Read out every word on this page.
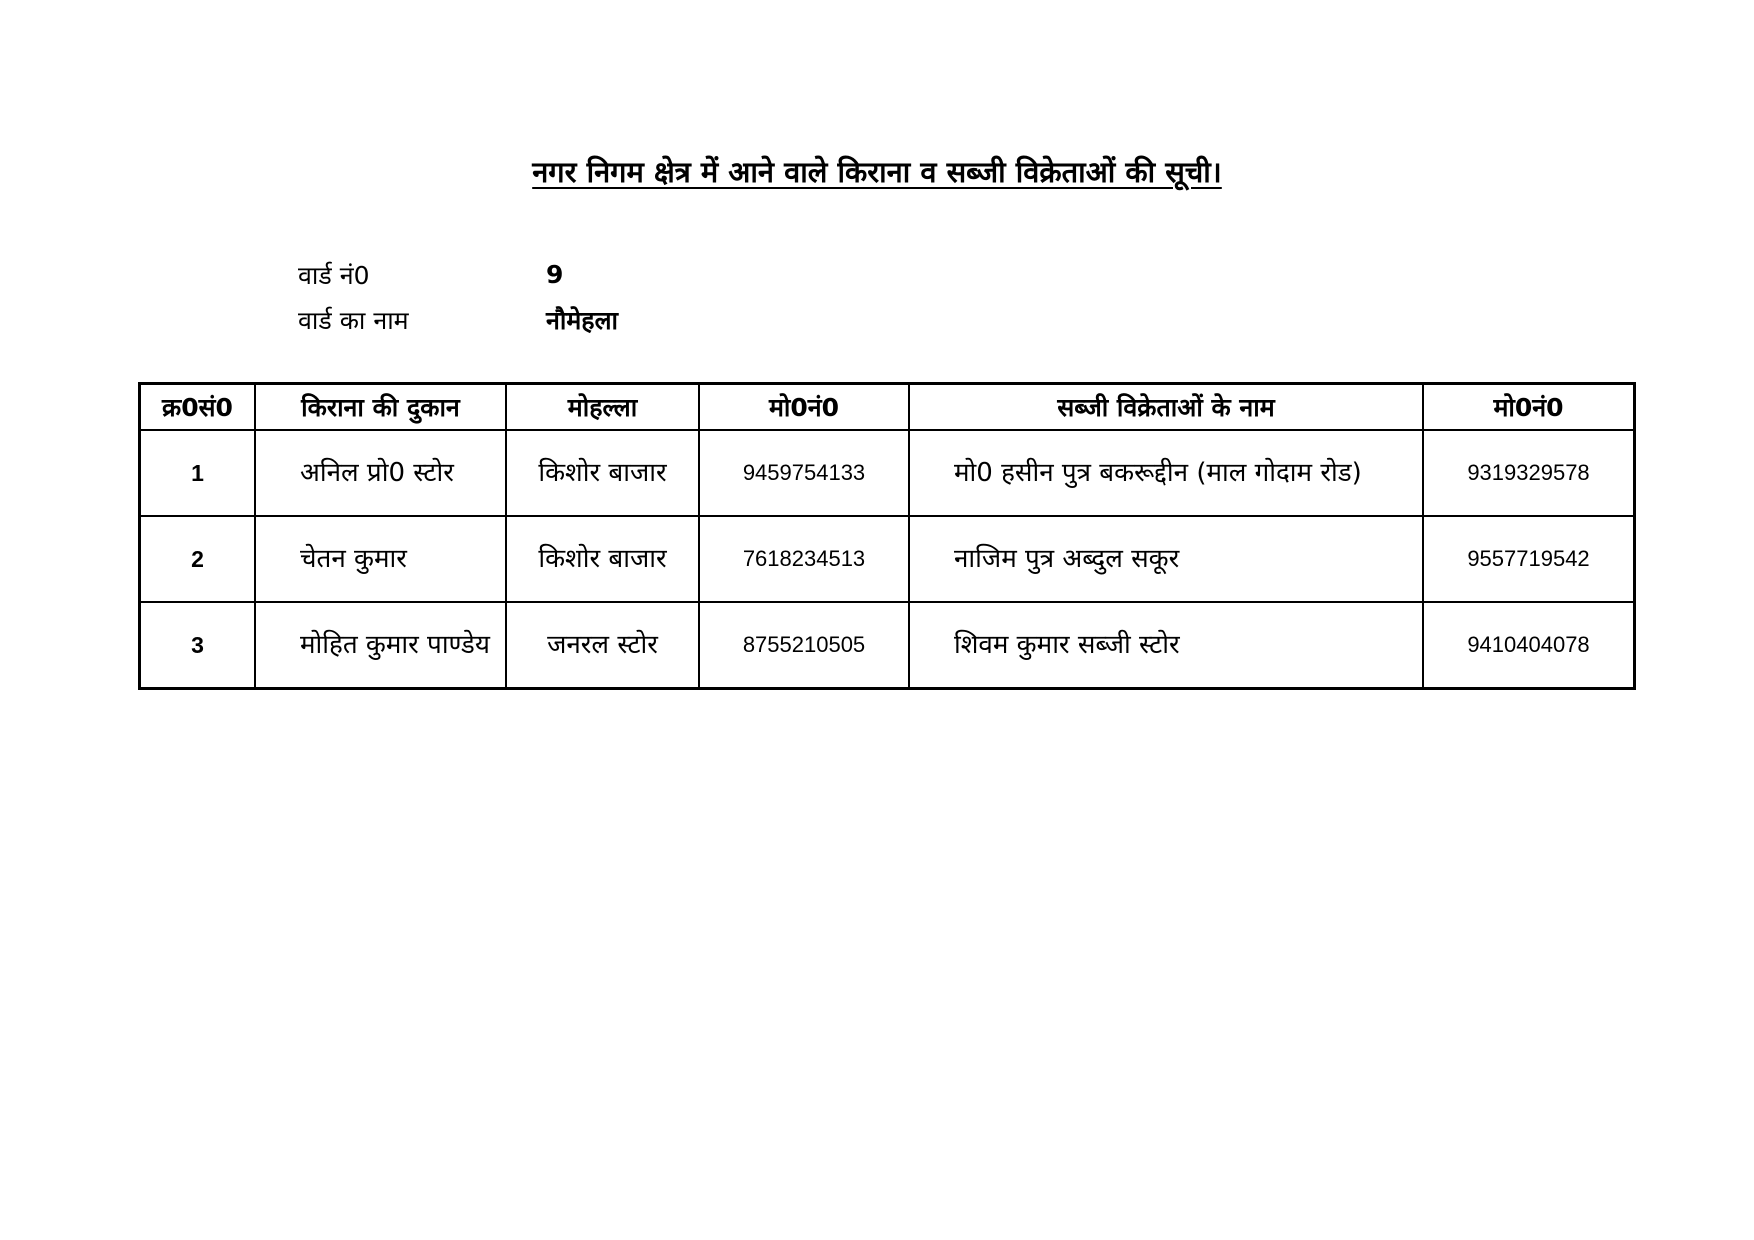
नगर निगम क्षेत्र में आने वाले किराना व सब्जी विक्रेताओं की सूची।
वार्ड नं0	9
वार्ड का नाम	नौमेहला
क्र0सं0	किराना की दुकान	मोहल्ला	मो0नं0	सब्जी विक्रेताओं के नाम	मो0नं0
1	अनिल प्रो0 स्टोर	किशोर बाजार	9459754133	मो0 हसीन पुत्र बकरूद्दीन (माल गोदाम रोड)	9319329578
2	चेतन कुमार	किशोर बाजार	7618234513	नाजिम पुत्र अब्दुल सकूर	9557719542
3	मोहित कुमार पाण्डेय	जनरल स्टोर	8755210505	शिवम कुमार सब्जी स्टोर	9410404078
